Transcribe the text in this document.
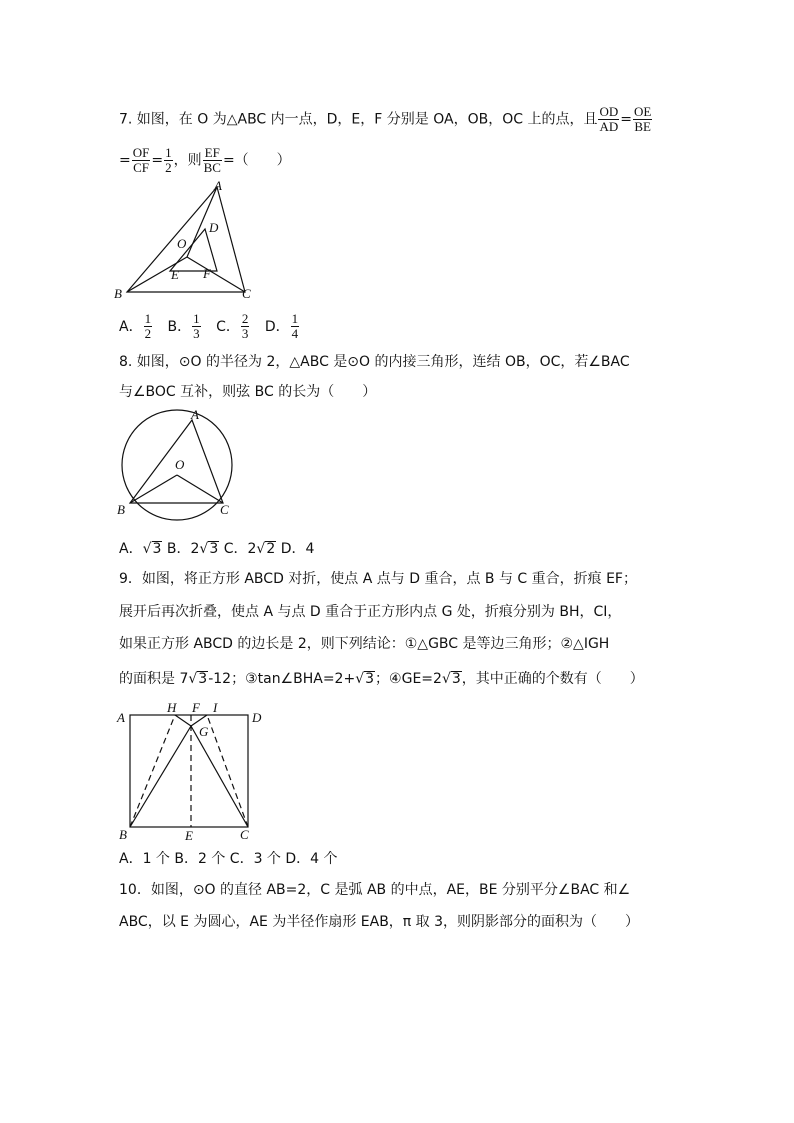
7. 如图，在 O 为△ABC 内一点，D，E，F 分别是 OA，OB，OC 上的点，且 $\frac{OD}{AD} = \frac{OE}{BE}$
= $\frac{OF}{CF} = \frac{1}{2}$ ，则 $\frac{EF}{BC}$ =（　　）
A
B	C
D
E F
O
A． $\frac{1}{2}$ B． $\frac{1}{3}$ C． $\frac{2}{3}$ D． $\frac{1}{4}$
8. 如图，⊙O 的半径为 2，△ABC 是⊙O 的内接三角形，连结 OB，OC，若∠BAC
与∠BOC 互补，则弦 BC 的长为（　　）
A
B	C
O
A．√3 B．2√3 C．2√2 D．4
9．如图，将正方形 ABCD 对折，使点 A 点与 D 重合，点 B 与 C 重合，折痕 EF；
展开后再次折叠，使点 A 与点 D 重合于正方形内点 G 处，折痕分别为 BH，CI，
如果正方形 ABCD 的边长是 2，则下列结论：①△GBC 是等边三角形；②△IGH
的面积是 7√3-12；③tan∠BHA=2+√3；④GE=2√3，其中正确的个数有（　　）
A	D
B	C
E
F
H	I
G
A．1 个 B．2 个 C．3 个 D．4 个
10．如图，⊙O 的直径 AB=2，C 是弧 AB 的中点，AE，BE 分别平分∠BAC 和∠
ABC，以 E 为圆心，AE 为半径作扇形 EAB，π 取 3，则阴影部分的面积为（　　）
